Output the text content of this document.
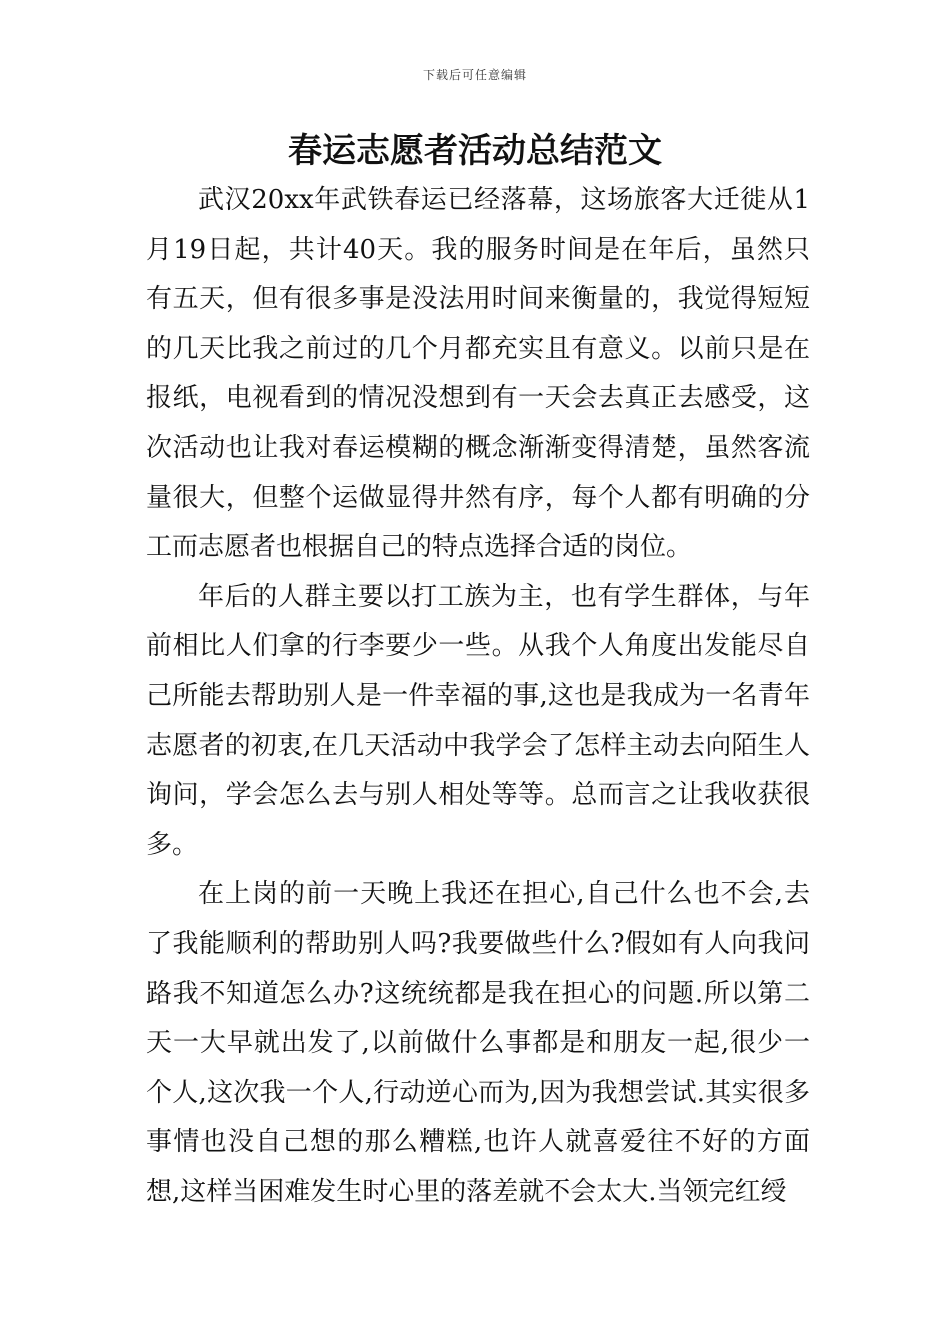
下载后可任意编辑
春运志愿者活动总结范文

武汉20xx年武铁春运已经落幕，这场旅客大迁徙从1月19日起，共计40天。我的服务时间是在年后，虽然只有五天，但有很多事是没法用时间来衡量的，我觉得短短的几天比我之前过的几个月都充实且有意义。以前只是在报纸，电视看到的情况没想到有一天会去真正去感受，这次活动也让我对春运模糊的概念渐渐变得清楚，虽然客流量很大，但整个运做显得井然有序，每个人都有明确的分工而志愿者也根据自己的特点选择合适的岗位。

年后的人群主要以打工族为主，也有学生群体，与年前相比人们拿的行李要少一些。从我个人角度出发能尽自己所能去帮助别人是一件幸福的事,这也是我成为一名青年志愿者的初衷,在几天活动中我学会了怎样主动去向陌生人询问，学会怎么去与别人相处等等。总而言之让我收获很多。

在上岗的前一天晚上我还在担心,自己什么也不会,去了我能顺利的帮助别人吗?我要做些什么?假如有人向我问路我不知道怎么办?这统统都是我在担心的问题.所以第二天一大早就出发了,以前做什么事都是和朋友一起,很少一个人,这次我一个人,行动逆心而为,因为我想尝试.其实很多事情也没自己想的那么糟糕,也许人就喜爱往不好的方面想,这样当困难发生时心里的落差就不会太大.当领完红绶
